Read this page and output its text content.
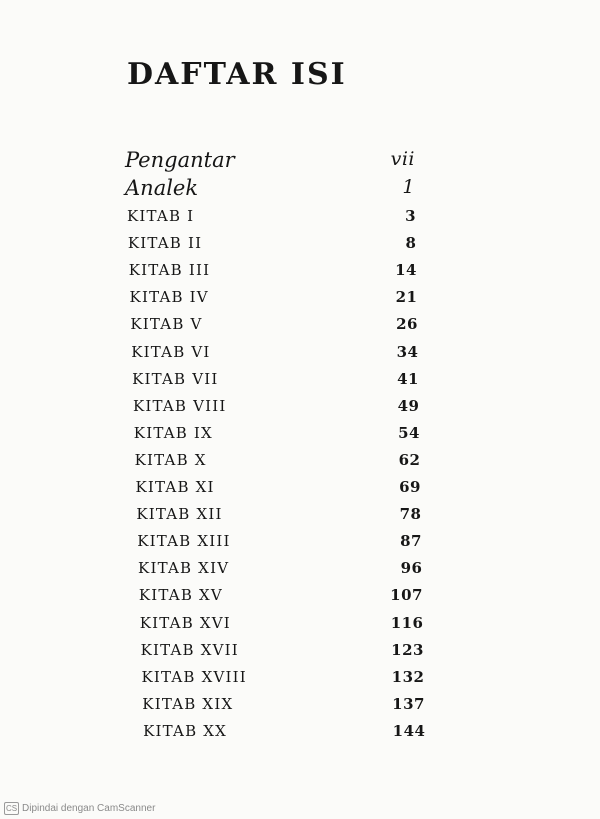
DAFTAR ISI
Pengantar	vii
Analek	1
KITAB I	3
KITAB II	8
KITAB III	14
KITAB IV	21
KITAB V	26
KITAB VI	34
KITAB VII	41
KITAB VIII	49
KITAB IX	54
KITAB X	62
KITAB XI	69
KITAB XII	78
KITAB XIII	87
KITAB XIV	96
KITAB XV	107
KITAB XVI	116
KITAB XVII	123
KITAB XVIII	132
KITAB XIX	137
KITAB XX	144
CS Dipindai dengan CamScanner
